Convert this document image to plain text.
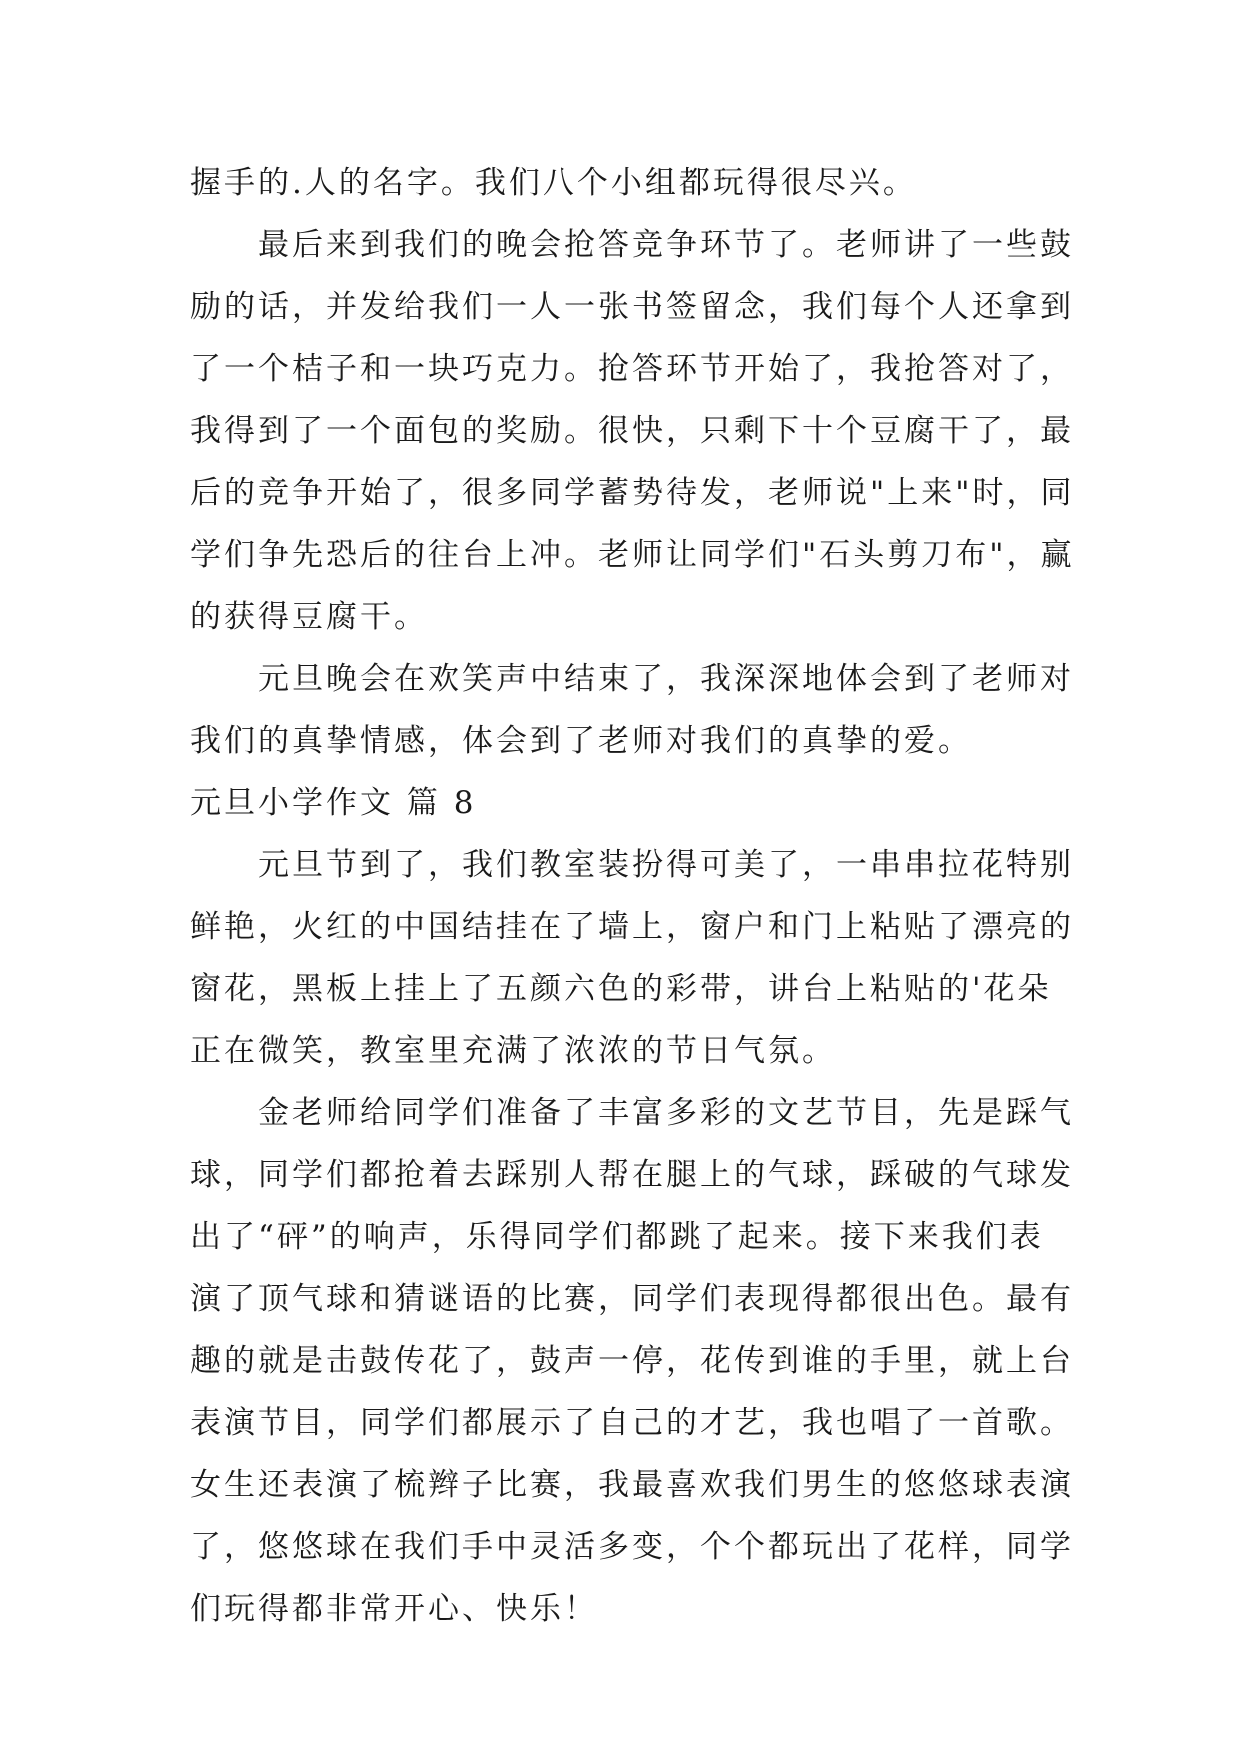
握手的.人的名字。我们八个小组都玩得很尽兴。
最后来到我们的晚会抢答竞争环节了。老师讲了一些鼓
励的话，并发给我们一人一张书签留念，我们每个人还拿到
了一个桔子和一块巧克力。抢答环节开始了，我抢答对了，
我得到了一个面包的奖励。很快，只剩下十个豆腐干了，最
后的竞争开始了，很多同学蓄势待发，老师说"上来"时，同
学们争先恐后的往台上冲。老师让同学们"石头剪刀布"，赢
的获得豆腐干。
元旦晚会在欢笑声中结束了，我深深地体会到了老师对
我们的真挚情感，体会到了老师对我们的真挚的爱。
元旦小学作文 篇 8
元旦节到了，我们教室装扮得可美了，一串串拉花特别
鲜艳，火红的中国结挂在了墙上，窗户和门上粘贴了漂亮的
窗花，黑板上挂上了五颜六色的彩带，讲台上粘贴的'花朵
正在微笑，教室里充满了浓浓的节日气氛。
金老师给同学们准备了丰富多彩的文艺节目，先是踩气
球，同学们都抢着去踩别人帮在腿上的气球，踩破的气球发
出了“砰”的响声，乐得同学们都跳了起来。接下来我们表
演了顶气球和猜谜语的比赛，同学们表现得都很出色。最有
趣的就是击鼓传花了，鼓声一停，花传到谁的手里，就上台
表演节目，同学们都展示了自己的才艺，我也唱了一首歌。
女生还表演了梳辫子比赛，我最喜欢我们男生的悠悠球表演
了，悠悠球在我们手中灵活多变，个个都玩出了花样，同学
们玩得都非常开心、快乐！
